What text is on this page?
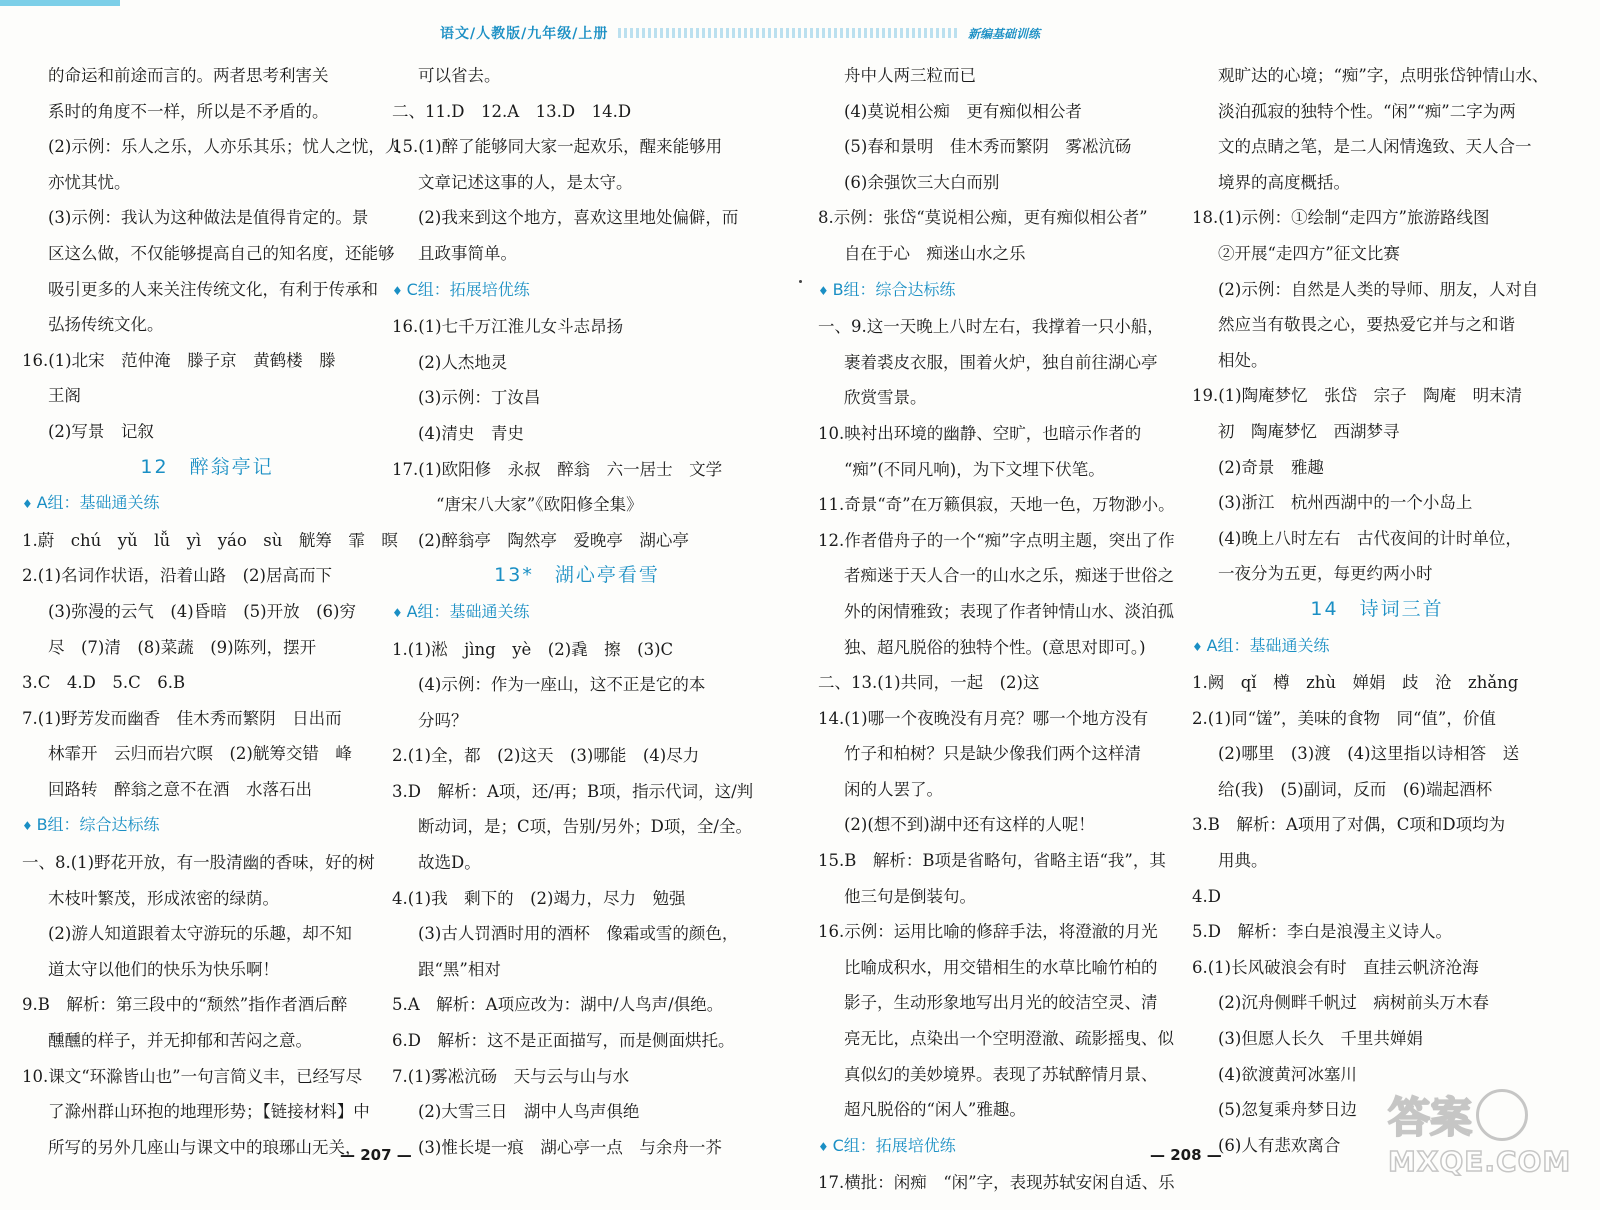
语文/人教版/九年级/上册	新编基础训练
的命运和前途而言的。两者思考利害关
系时的角度不一样，所以是不矛盾的。
(2)示例：乐人之乐，人亦乐其乐；忧人之忧，人
亦忧其忧。
(3)示例：我认为这种做法是值得肯定的。景
区这么做，不仅能够提高自己的知名度，还能够
吸引更多的人来关注传统文化，有利于传承和
弘扬传统文化。
16.(1)北宋　范仲淹　滕子京　黄鹤楼　滕
王阁
(2)写景　记叙
12　醉翁亭记
♦ A组：基础通关练
1.蔚　chú　yǔ　lǚ　yì　yáo　sù　觥筹　霏　暝
2.(1)名词作状语，沿着山路　(2)居高而下
(3)弥漫的云气　(4)昏暗　(5)开放　(6)穷
尽　(7)清　(8)菜蔬　(9)陈列，摆开
3.C　4.D　5.C　6.B
7.(1)野芳发而幽香　佳木秀而繁阴　日出而
林霏开　云归而岩穴暝　(2)觥筹交错　峰
回路转　醉翁之意不在酒　水落石出
♦ B组：综合达标练
一、8.(1)野花开放，有一股清幽的香味，好的树
木枝叶繁茂，形成浓密的绿荫。
(2)游人知道跟着太守游玩的乐趣，却不知
道太守以他们的快乐为快乐啊！
9.B　解析：第三段中的“颓然”指作者酒后醉
醺醺的样子，并无抑郁和苦闷之意。
10.课文“环滁皆山也”一句言简义丰，已经写尽
了滁州群山环抱的地理形势；【链接材料】中
所写的另外几座山与课文中的琅琊山无关，
可以省去。
二、11.D　12.A　13.D　14.D
15.(1)醉了能够同大家一起欢乐，醒来能够用
文章记述这事的人，是太守。
(2)我来到这个地方，喜欢这里地处偏僻，而
且政事简单。
♦ C组：拓展培优练
16.(1)七千万江淮儿女斗志昂扬
(2)人杰地灵
(3)示例：丁汝昌
(4)清史　青史
17.(1)欧阳修　永叔　醉翁　六一居士　文学
“唐宋八大家”《欧阳修全集》
(2)醉翁亭　陶然亭　爱晚亭　湖心亭
13*　湖心亭看雪
♦ A组：基础通关练
1.(1)淞　jìng　yè　(2)毳　擦　(3)C
(4)示例：作为一座山，这不正是它的本
分吗？
2.(1)全，都　(2)这天　(3)哪能　(4)尽力
3.D　解析：A项，还/再；B项，指示代词，这/判
断动词，是；C项，告别/另外；D项，全/全。
故选D。
4.(1)我　剩下的　(2)竭力，尽力　勉强
(3)古人罚酒时用的酒杯　像霜或雪的颜色，
跟“黑”相对
5.A　解析：A项应改为：湖中/人鸟声/俱绝。
6.D　解析：这不是正面描写，而是侧面烘托。
7.(1)雾凇沆砀　天与云与山与水
(2)大雪三日　湖中人鸟声俱绝
(3)惟长堤一痕　湖心亭一点　与余舟一芥
舟中人两三粒而已
(4)莫说相公痴　更有痴似相公者
(5)春和景明　佳木秀而繁阴　雾凇沆砀
(6)余强饮三大白而别
8.示例：张岱“莫说相公痴，更有痴似相公者”
自在于心　痴迷山水之乐
♦ B组：综合达标练
一、9.这一天晚上八时左右，我撑着一只小船，
裹着裘皮衣服，围着火炉，独自前往湖心亭
欣赏雪景。
10.映衬出环境的幽静、空旷，也暗示作者的
“痴”(不同凡响)，为下文埋下伏笔。
11.奇景“奇”在万籁俱寂，天地一色，万物渺小。
12.作者借舟子的一个“痴”字点明主题，突出了作
者痴迷于天人合一的山水之乐，痴迷于世俗之
外的闲情雅致；表现了作者钟情山水、淡泊孤
独、超凡脱俗的独特个性。(意思对即可。)
二、13.(1)共同，一起　(2)这
14.(1)哪一个夜晚没有月亮？哪一个地方没有
竹子和柏树？只是缺少像我们两个这样清
闲的人罢了。
(2)(想不到)湖中还有这样的人呢！
15.B　解析：B项是省略句，省略主语“我”，其
他三句是倒装句。
16.示例：运用比喻的修辞手法，将澄澈的月光
比喻成积水，用交错相生的水草比喻竹柏的
影子，生动形象地写出月光的皎洁空灵、清
亮无比，点染出一个空明澄澈、疏影摇曳、似
真似幻的美妙境界。表现了苏轼醉情月景、
超凡脱俗的“闲人”雅趣。
♦ C组：拓展培优练
17.横批：闲痴　“闲”字，表现苏轼安闲自适、乐
观旷达的心境；“痴”字，点明张岱钟情山水、
淡泊孤寂的独特个性。“闲”“痴”二字为两
文的点睛之笔，是二人闲情逸致、天人合一
境界的高度概括。
18.(1)示例：①绘制“走四方”旅游路线图
②开展“走四方”征文比赛
(2)示例：自然是人类的导师、朋友，人对自
然应当有敬畏之心，要热爱它并与之和谐
相处。
19.(1)陶庵梦忆　张岱　宗子　陶庵　明末清
初　陶庵梦忆　西湖梦寻
(2)奇景　雅趣
(3)浙江　杭州西湖中的一个小岛上
(4)晚上八时左右　古代夜间的计时单位，
一夜分为五更，每更约两小时
14　诗词三首
♦ A组：基础通关练
1.阙　qǐ　樽　zhù　婵娟　歧　沧　zhǎng
2.(1)同“馐”，美味的食物　同“值”，价值
(2)哪里　(3)渡　(4)这里指以诗相答　送
给(我)　(5)副词，反而　(6)端起酒杯
3.B　解析：A项用了对偶，C项和D项均为
用典。
4.D
5.D　解析：李白是浪漫主义诗人。
6.(1)长风破浪会有时　直挂云帆济沧海
(2)沉舟侧畔千帆过　病树前头万木春
(3)但愿人长久　千里共婵娟
(4)欲渡黄河冰塞川
(5)忽复乘舟梦日边
(6)人有悲欢离合
— 207 —	— 208 —
答案
MXQE.COM
